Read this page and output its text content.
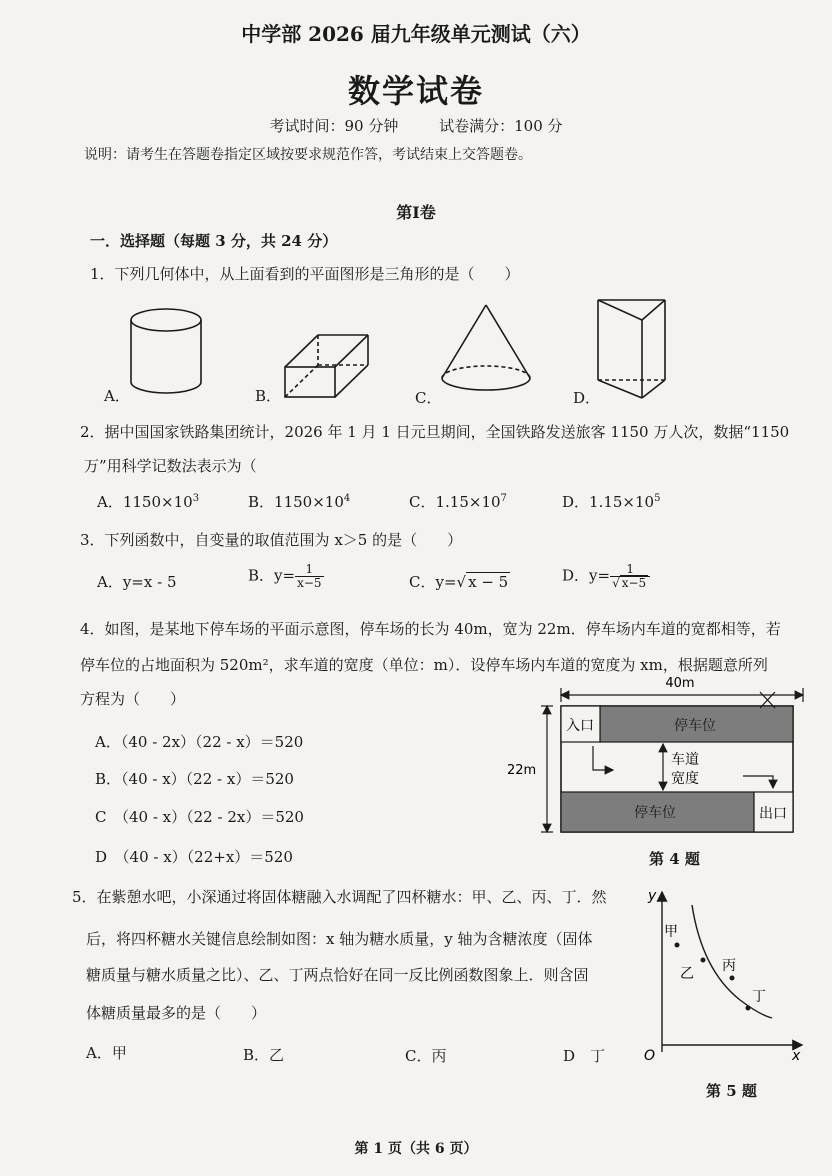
中学部 2026 届九年级单元测试（六）
数学试卷
考试时间：90 分钟	试卷满分：100 分
说明：请考生在答题卷指定区域按要求规范作答，考试结束上交答题卷。
第Ⅰ卷
一．选择题（每题 3 分，共 24 分）
1．下列几何体中，从上面看到的平面图形是三角形的是（　　）
A．	B．	C．	D．
2．据中国国家铁路集团统计，2026 年 1 月 1 日元旦期间，全国铁路发送旅客 1150 万人次，数据“1150
万”用科学记数法表示为（
A．$1150\times 10^3$	B．$1150\times 10^4$	C．$1.15\times 10^7$	D．$1.15\times 10^5$
3．下列函数中，自变量的取值范围为 x＞5 的是（　　）
A．y=x - 5	B．$y= \frac{1}{x-5}$	C．y=√ x − 5	D．$y= \frac{1}{√ x-5}$
4．如图，是某地下停车场的平面示意图，停车场的长为 40m，宽为 22m．停车场内车道的宽都相等，若
停车位的占地面积为 520m²，求车道的宽度（单位：m）．设停车场内车道的宽度为 xm，根据题意所列
方程为（　　）
A．（40 - 2x）（22 - x）＝520
B．（40 - x）（22 - x）＝520
C　（40 - x）（22 - 2x）＝520
D　（40 - x）（22+x）＝520
40m
22m
停车位
入口
停车位	出口
车道
宽度
第 4 题
5．在紫憩水吧，小深通过将固体糖融入水调配了四杯糖水：甲、乙、丙、丁．然
后，将四杯糖水关键信息绘制如图：x 轴为糖水质量，y 轴为含糖浓度（固体
糖质量与糖水质量之比）、乙、丁两点恰好在同一反比例函数图象上．则含固
体糖质量最多的是（　　）
A．甲	B．乙	C．丙	D　丁
y
x
O
甲
乙 丙
丁
第 5 题
第 1 页（共 6 页）
